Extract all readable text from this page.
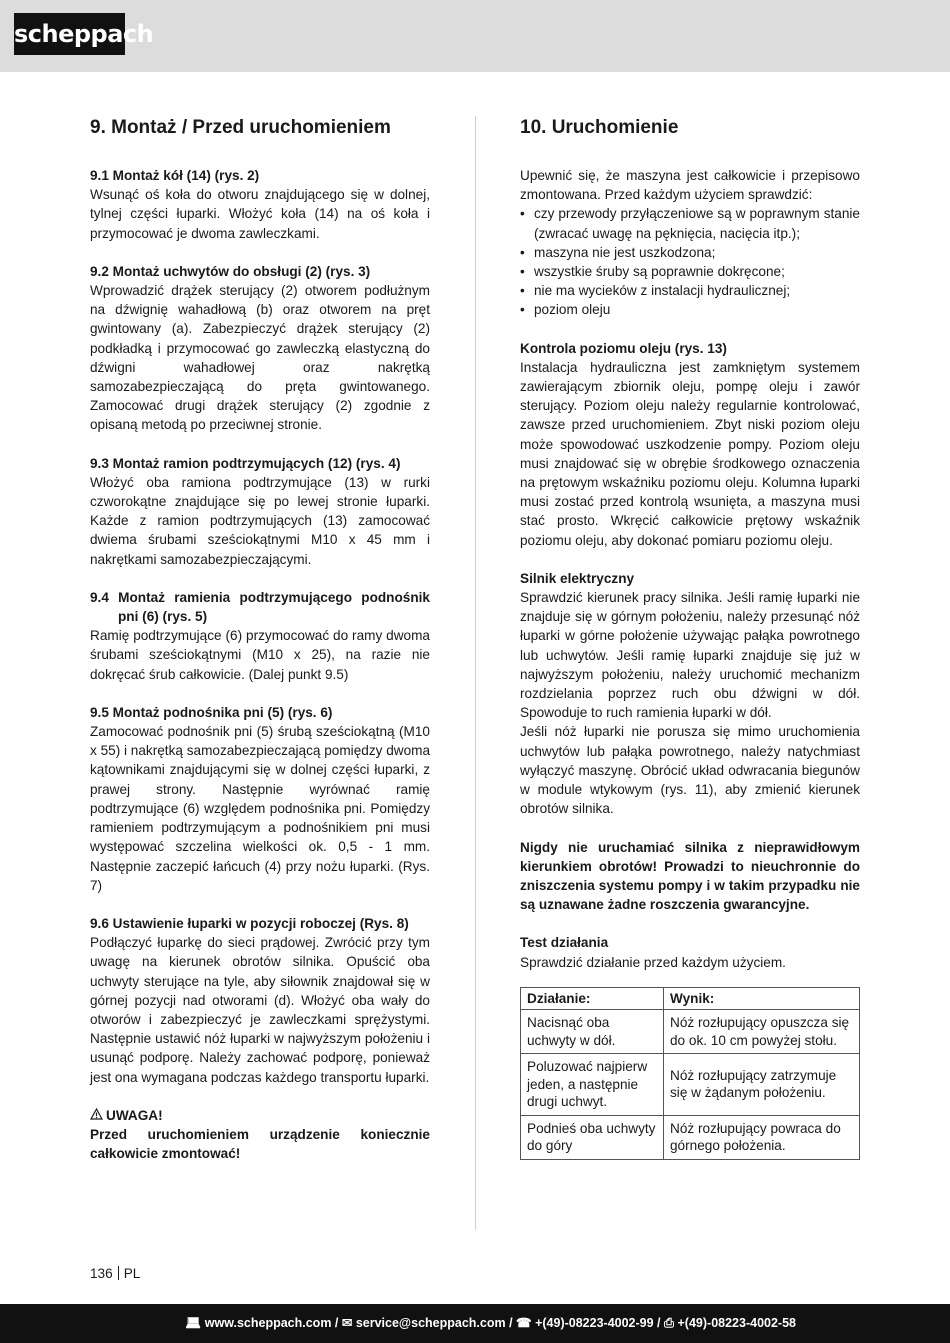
scheppach
9. Montaż / Przed uruchomieniem
9.1 Montaż kół (14) (rys. 2)
Wsunąć oś koła do otworu znajdującego się w dolnej, tylnej części łuparki. Włożyć koła (14) na oś koła i przymocować je dwoma zawleczkami.
9.2 Montaż uchwytów do obsługi (2) (rys. 3)
Wprowadzić drążek sterujący (2) otworem podłużnym na dźwignię wahadłową (b) oraz otworem na pręt gwintowany (a). Zabezpieczyć drążek sterujący (2) podkładką i przymocować go zawleczką elastyczną do dźwigni wahadłowej oraz nakrętką samozabezpieczającą do pręta gwintowanego. Zamocować drugi drążek sterujący (2) zgodnie z opisaną metodą po przeciwnej stronie.
9.3 Montaż ramion podtrzymujących (12) (rys. 4)
Włożyć oba ramiona podtrzymujące (13) w rurki czworokątne znajdujące się po lewej stronie łuparki. Każde z ramion podtrzymujących (13) zamocować dwiema śrubami sześciokątnymi M10 x 45 mm i nakrętkami samozabezpieczającymi.
9.4 Montaż ramienia podtrzymującego podnośnik pni (6) (rys. 5)
Ramię podtrzymujące (6) przymocować do ramy dwoma śrubami sześciokątnymi (M10 x 25), na razie nie dokręcać śrub całkowicie. (Dalej punkt 9.5)
9.5 Montaż podnośnika pni (5) (rys. 6)
Zamocować podnośnik pni (5) śrubą sześciokątną (M10 x 55) i nakrętką samozabezpieczającą pomiędzy dwoma kątownikami znajdującymi się w dolnej części łuparki, z prawej strony. Następnie wyrównać ramię podtrzymujące (6) względem podnośnika pni. Pomiędzy ramieniem podtrzymującym a podnośnikiem pni musi występować szczelina wielkości ok. 0,5 - 1 mm. Następnie zaczepić łańcuch (4) przy nożu łuparki. (Rys. 7)
9.6 Ustawienie łuparki w pozycji roboczej (Rys. 8)
Podłączyć łuparkę do sieci prądowej. Zwrócić przy tym uwagę na kierunek obrotów silnika. Opuścić oba uchwyty sterujące na tyle, aby siłownik znajdował się w górnej pozycji nad otworami (d). Włożyć oba wały do otworów i zabezpieczyć je zawleczkami sprężystymi. Następnie ustawić nóż łuparki w najwyższym położeniu i usunąć podporę. Należy zachować podporę, ponieważ jest ona wymagana podczas każdego transportu łuparki.
UWAGA!
Przed uruchomieniem urządzenie koniecznie całkowicie zmontować!
10. Uruchomienie
Upewnić się, że maszyna jest całkowicie i przepisowo zmontowana. Przed każdym użyciem sprawdzić:
• czy przewody przyłączeniowe są w poprawnym stanie (zwracać uwagę na pęknięcia, nacięcia itp.);
• maszyna nie jest uszkodzona;
• wszystkie śruby są poprawnie dokręcone;
• nie ma wycieków z instalacji hydraulicznej;
• poziom oleju
Kontrola poziomu oleju (rys. 13)
Instalacja hydrauliczna jest zamkniętym systemem zawierającym zbiornik oleju, pompę oleju i zawór sterujący. Poziom oleju należy regularnie kontrolować, zawsze przed uruchomieniem. Zbyt niski poziom oleju może spowodować uszkodzenie pompy. Poziom oleju musi znajdować się w obrębie środkowego oznaczenia na prętowym wskaźniku poziomu oleju. Kolumna łuparki musi zostać przed kontrolą wsunięta, a maszyna musi stać prosto. Wkręcić całkowicie prętowy wskaźnik poziomu oleju, aby dokonać pomiaru poziomu oleju.
Silnik elektryczny
Sprawdzić kierunek pracy silnika. Jeśli ramię łuparki nie znajduje się w górnym położeniu, należy przesunąć nóż łuparki w górne położenie używając pałąka powrotnego lub uchwytów. Jeśli ramię łuparki znajduje się już w najwyższym położeniu, należy uruchomić mechanizm rozdzielania poprzez ruch obu dźwigni w dół. Spowoduje to ruch ramienia łuparki w dół.
Jeśli nóż łuparki nie porusza się mimo uruchomienia uchwytów lub pałąka powrotnego, należy natychmiast wyłączyć maszynę. Obrócić układ odwracania biegunów w module wtykowym (rys. 11), aby zmienić kierunek obrotów silnika.
Nigdy nie uruchamiać silnika z nieprawidłowym kierunkiem obrotów! Prowadzi to nieuchronnie do zniszczenia systemu pompy i w takim przypadku nie są uznawane żadne roszczenia gwarancyjne.
Test działania
Sprawdzić działanie przed każdym użyciem.
Działanie:	Wynik:
Nacisnąć oba uchwyty w dół.	Nóż rozłupujący opuszcza się do ok. 10 cm powyżej stołu.
Poluzować najpierw jeden, a następnie drugi uchwyt.	Nóż rozłupujący zatrzymuje się w żądanym położeniu.
Podnieś oba uchwyty do góry	Nóż rozłupujący powraca do górnego położenia.
136 PL
💻︎ www.scheppach.com / ✉︎ service@scheppach.com / ☎︎ +(49)-08223-4002-99 / ⎙ +(49)-08223-4002-58
